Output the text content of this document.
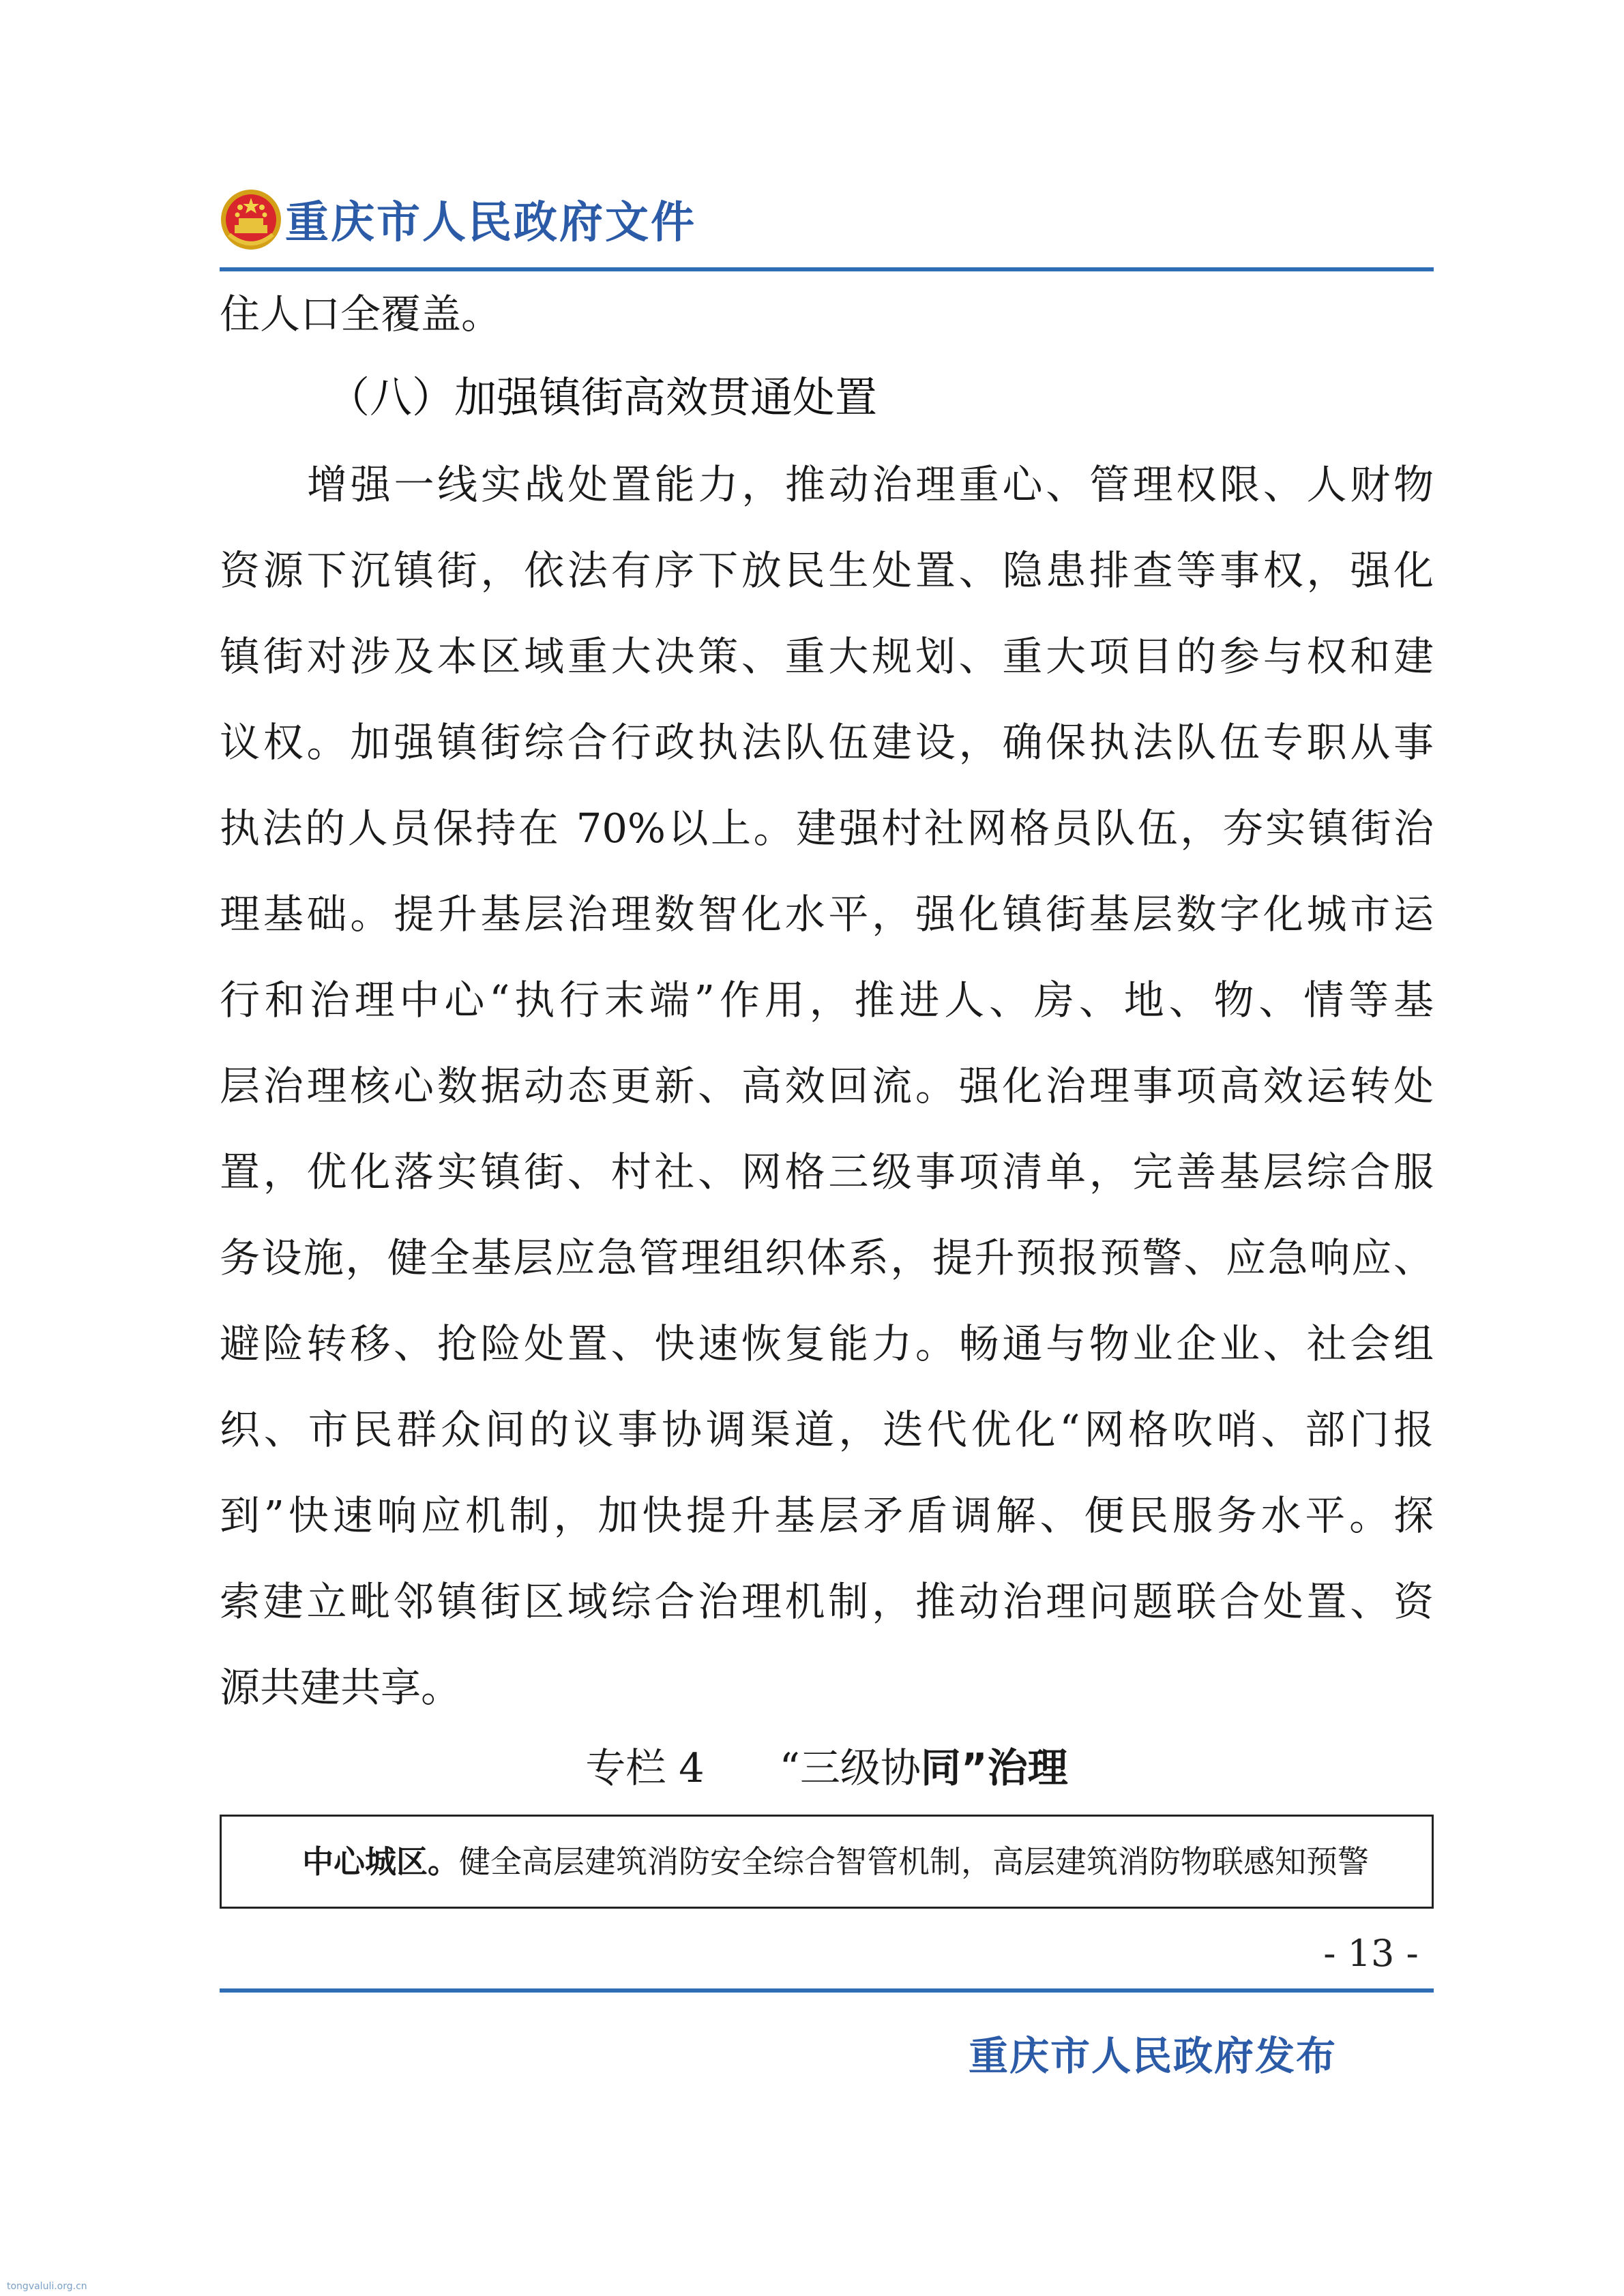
重庆市人民政府文件
住人口全覆盖。
（八）加强镇街高效贯通处置
增强一线实战处置能力，推动治理重心、管理权限、人财物
资源下沉镇街，依法有序下放民生处置、隐患排查等事权，强化
镇街对涉及本区域重大决策、重大规划、重大项目的参与权和建
议权。加强镇街综合行政执法队伍建设，确保执法队伍专职从事
执法的人员保持在 70%以上。建强村社网格员队伍，夯实镇街治
理基础。提升基层治理数智化水平，强化镇街基层数字化城市运
行和治理中心“执行末端”作用，推进人、房、地、物、情等基
层治理核心数据动态更新、高效回流。强化治理事项高效运转处
置，优化落实镇街、村社、网格三级事项清单，完善基层综合服
务设施，健全基层应急管理组织体系，提升预报预警、应急响应、
避险转移、抢险处置、快速恢复能力。畅通与物业企业、社会组
织、市民群众间的议事协调渠道，迭代优化“网格吹哨、部门报
到”快速响应机制，加快提升基层矛盾调解、便民服务水平。探
索建立毗邻镇街区域综合治理机制，推动治理问题联合处置、资
源共建共享。
专栏 4 “三级协同”治理
中心城区。健全高层建筑消防安全综合智管机制，高层建筑消防物联感知预警
- 13 -
重庆市人民政府发布
tongvaluli.org.cn
